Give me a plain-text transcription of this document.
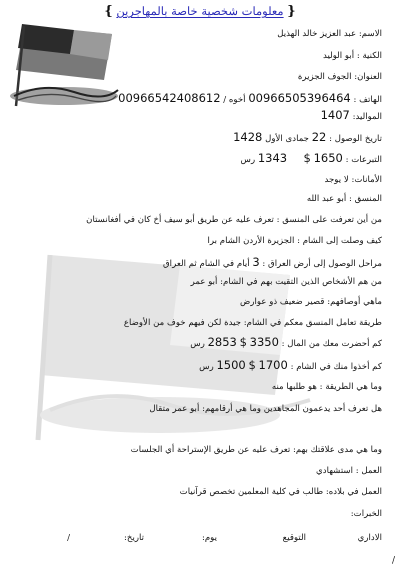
{ معلومات شخصية خاصة بالمهاجرين }
الاسم: عبد العزيز خالد الهذيل
الكنية : أبو الوليد
العنوان: الجوف الجزيرة
الهاتف : 00966505396464 أخوه / 00966542408612
المواليد: 1407
تاريخ الوصول : 22 جمادى الأول 1428
التبرعات : 1650 $      1343 رس
الأمانات: لا يوجد
المنسق : أبو عبد الله
من أين تعرفت على المنسق : تعرف عليه عن طريق أبو سيف أخ كان في أفغانستان
كيف وصلت إلى الشام : الجزيرة الأردن الشام برا
مراحل الوصول إلى أرض العراق : 3 أيام في الشام ثم العراق
من هم الأشخاص الذين التقيت بهم في الشام: أبو عمر
ماهي أوصافهم: قصير ضعيف ذو عوارض
طريقة تعامل المنسق معكم في الشام: جيدة لكن فيهم خوف من الأوضاع
كم أحضرت معك من المال : 3350 $ 2853 رس
كم أخذوا منك في الشام : 1700 $ 1500 رس
وما هي الطريقة : هو طلبها منه
هل تعرف أحد يدعمون المجاهدين وما هي أرقامهم: أبو عمر متقال
وما هي مدى علاقتك بهم: تعرف عليه عن طريق الإستراحة أي الجلسات
العمل : استشهادي
العمل في بلاده: طالب في كلية المعلمين تخصص قرآنيات
الخبرات:
الاداري
التوقيع
يوم:
تاريخ:
/
/
